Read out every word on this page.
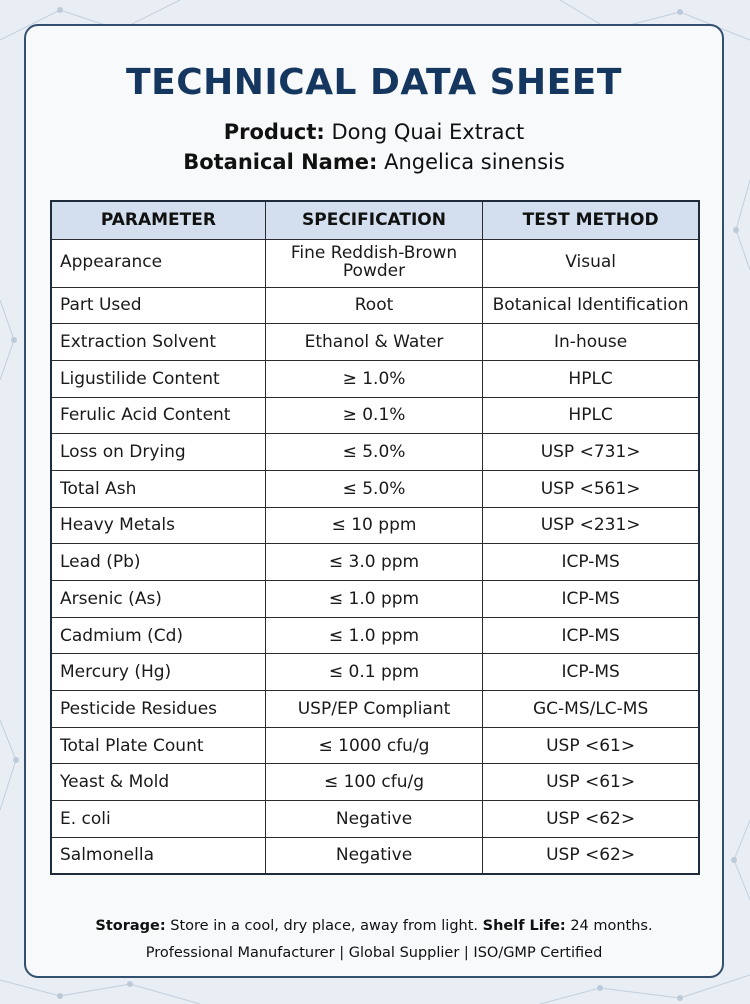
TECHNICAL DATA SHEET
Product: Dong Quai Extract
Botanical Name: Angelica sinensis
PARAMETER	SPECIFICATION	TEST METHOD
Appearance	Fine Reddish-Brown Powder	Visual
Part Used	Root	Botanical Identification
Extraction Solvent	Ethanol & Water	In-house
Ligustilide Content	≥ 1.0%	HPLC
Ferulic Acid Content	≥ 0.1%	HPLC
Loss on Drying	≤ 5.0%	USP <731>
Total Ash	≤ 5.0%	USP <561>
Heavy Metals	≤ 10 ppm	USP <231>
Lead (Pb)	≤ 3.0 ppm	ICP-MS
Arsenic (As)	≤ 1.0 ppm	ICP-MS
Cadmium (Cd)	≤ 1.0 ppm	ICP-MS
Mercury (Hg)	≤ 0.1 ppm	ICP-MS
Pesticide Residues	USP/EP Compliant	GC-MS/LC-MS
Total Plate Count	≤ 1000 cfu/g	USP <61>
Yeast & Mold	≤ 100 cfu/g	USP <61>
E. coli	Negative	USP <62>
Salmonella	Negative	USP <62>
Storage: Store in a cool, dry place, away from light. Shelf Life: 24 months.
Professional Manufacturer | Global Supplier | ISO/GMP Certified
